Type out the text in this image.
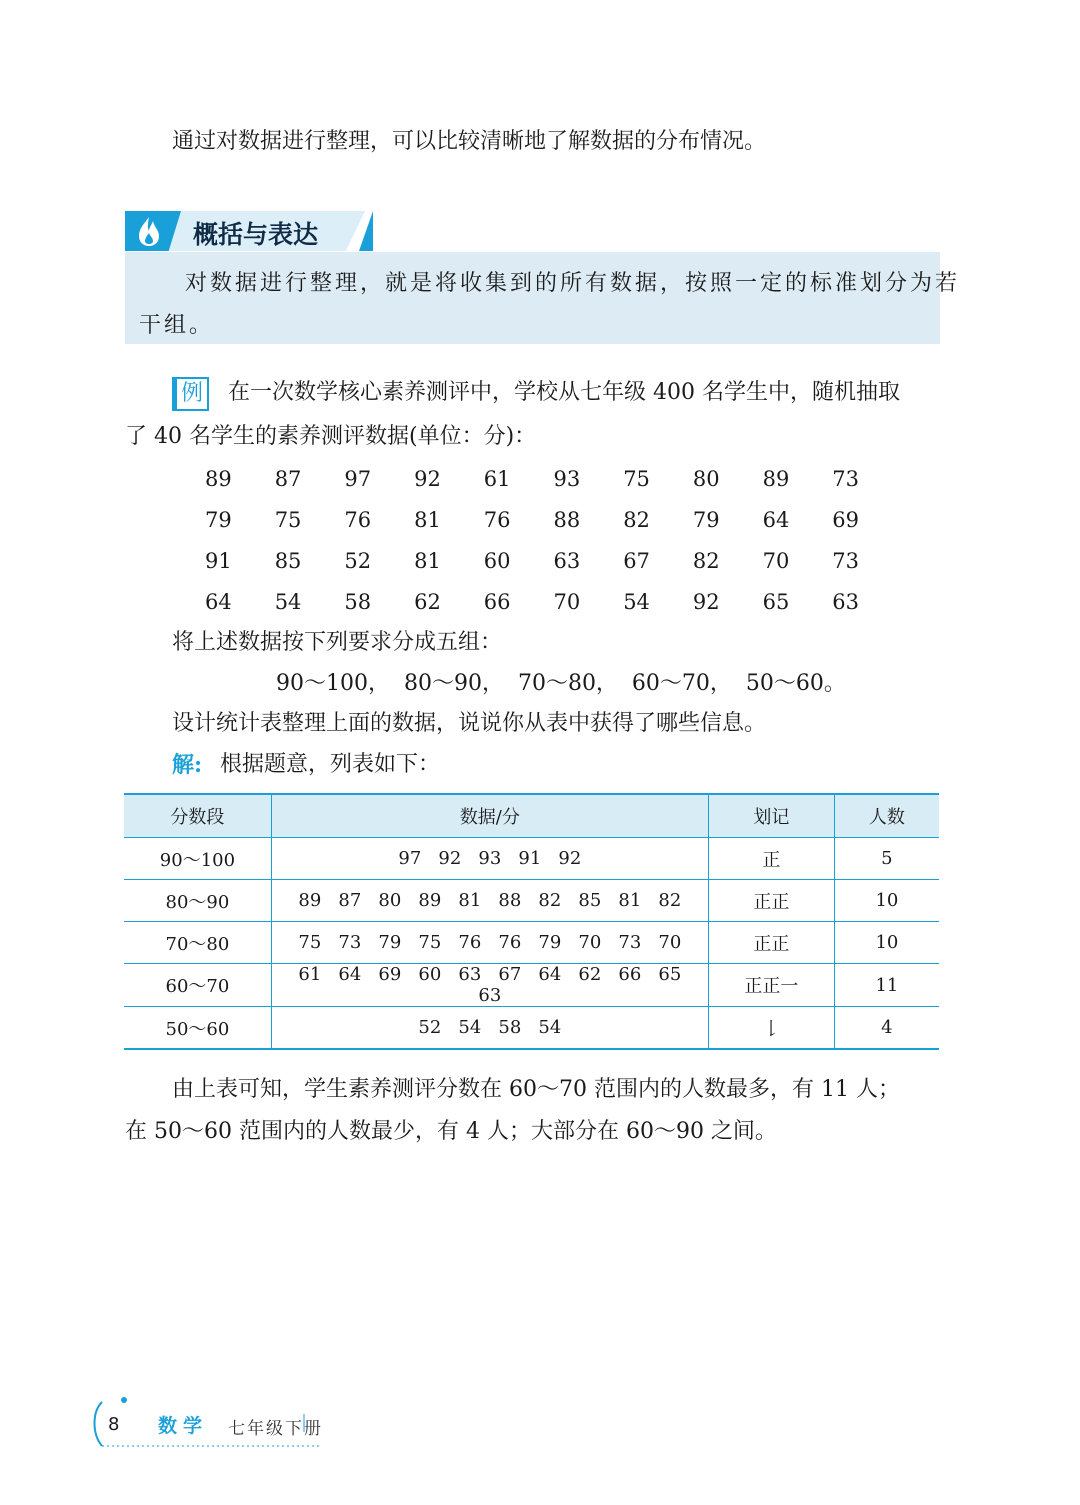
通过对数据进行整理，可以比较清晰地了解数据的分布情况。
概括与表达
对数据进行整理，就是将收集到的所有数据，按照一定的标准划分为若
干组。
例 在一次数学核心素养测评中，学校从七年级 400 名学生中，随机抽取
了 40 名学生的素养测评数据(单位：分)：
89	87	97	92	61	93	75	80	89	73
79	75	76	81	76	88	82	79	64	69
91	85	52	81	60	63	67	82	70	73
64	54	58	62	66	70	54	92	65	63
将上述数据按下列要求分成五组：
90～100，  80～90，  70～80，  60～70，  50～60。
设计统计表整理上面的数据，说说你从表中获得了哪些信息。
解: 根据题意，列表如下：
分数段	数据/分	划记	人数
90～100	97 92 93 91 92	正	5
80～90	89 87 80 89 81 88 82 85 81 82	正正	10
70～80	75 73 79 75 76 76 79 70 73 70	正正	10
60～70	61 64 69 60 63 67 64 62 66 6563	正正一	11
50～60	52 54 58 54	𠄌	4
由上表可知，学生素养测评分数在 60～70 范围内的人数最多，有 11 人；
在 50～60 范围内的人数最少，有 4 人；大部分在 60～90 之间。
8 数学 七年级下册
